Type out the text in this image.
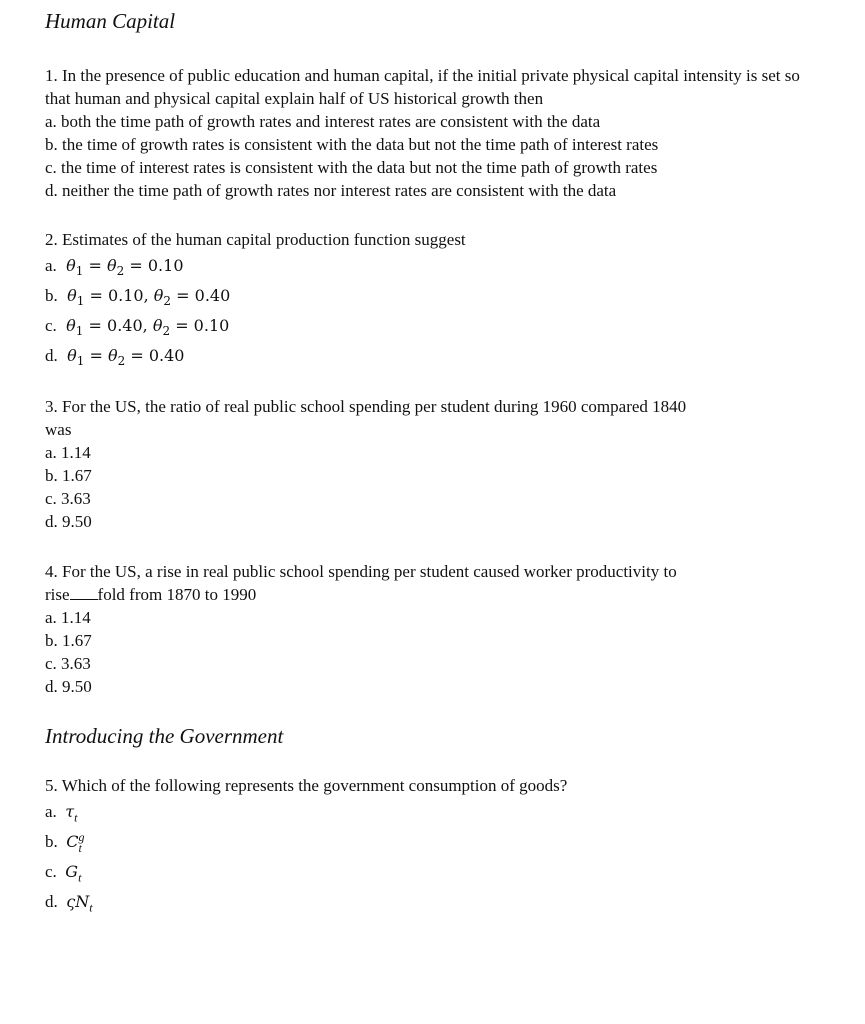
Human Capital

1. In the presence of public education and human capital, if the initial private physical capital intensity is set so that human and physical capital explain half of US historical growth then

a. both the time path of growth rates and interest rates are consistent with the data
b. the time of growth rates is consistent with the data but not the time path of interest rates
c. the time of interest rates is consistent with the data but not the time path of growth rates
d. neither the time path of growth rates nor interest rates are consistent with the data

2. Estimates of the human capital production function suggest

a. $\theta_1 = \theta_2 = 0.10$
b. $\theta_1 = 0.10$, $\theta_2 = 0.40$
c. $\theta_1 = 0.40$, $\theta_2 = 0.10$
d. $\theta_1 = \theta_2 = 0.40$

3. For the US, the ratio of real public school spending per student during 1960 compared 1840

was

a. 1.14
b. 1.67
c. 3.63
d. 9.50

4. For the US, a rise in real public school spending per student caused worker productivity to

rise fold from 1870 to 1990

a. 1.14
b. 1.67
c. 3.63
d. 9.50
Introducing the Government

5. Which of the following represents the government consumption of goods?

a. $\tau_t$
b. C g
t
c. $G_t$
d. $\varsigma N_t$
